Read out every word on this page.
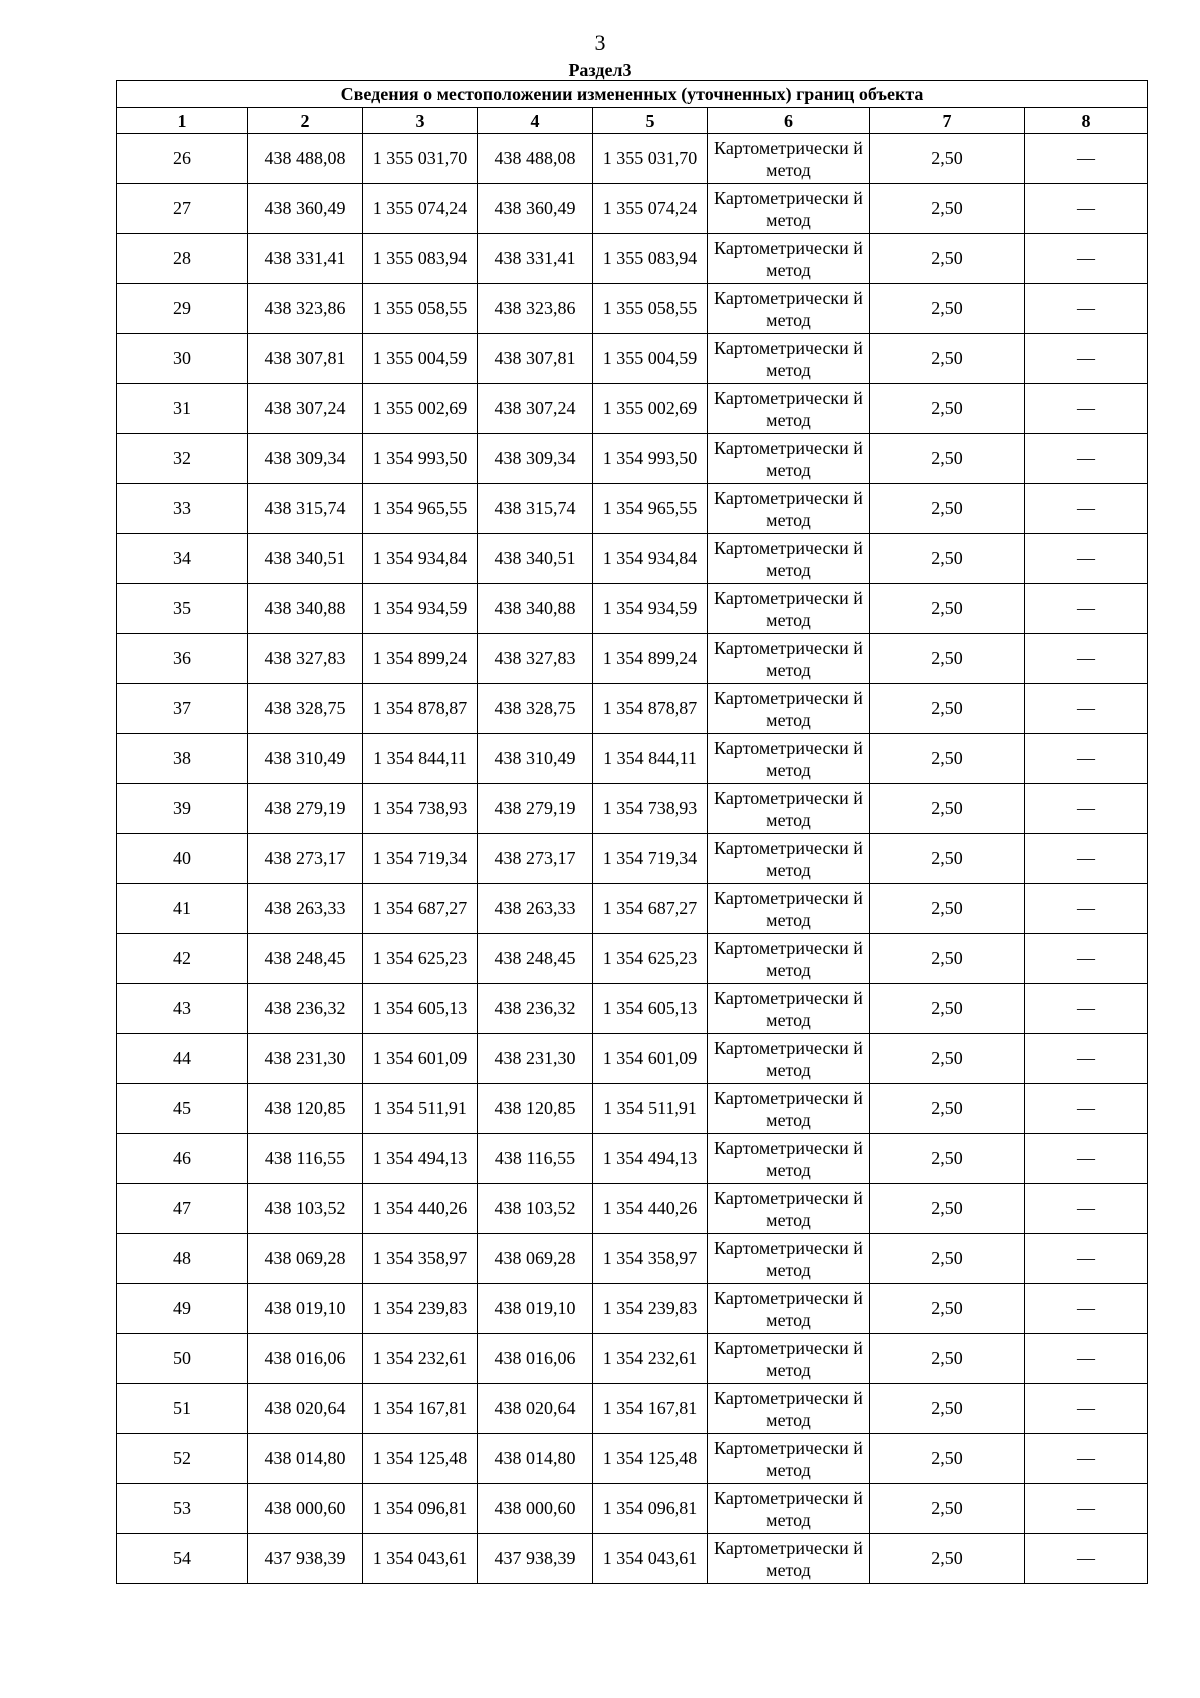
3
Раздел3
Сведения о местоположении измененных (уточненных) границ объекта							
1	2	3	4	5	6	7	8
26	438 488,08	1 355 031,70	438 488,08	1 355 031,70	Картометрически й метод	2,50	—
27	438 360,49	1 355 074,24	438 360,49	1 355 074,24	Картометрически й метод	2,50	—
28	438 331,41	1 355 083,94	438 331,41	1 355 083,94	Картометрически й метод	2,50	—
29	438 323,86	1 355 058,55	438 323,86	1 355 058,55	Картометрически й метод	2,50	—
30	438 307,81	1 355 004,59	438 307,81	1 355 004,59	Картометрически й метод	2,50	—
31	438 307,24	1 355 002,69	438 307,24	1 355 002,69	Картометрически й метод	2,50	—
32	438 309,34	1 354 993,50	438 309,34	1 354 993,50	Картометрически й метод	2,50	—
33	438 315,74	1 354 965,55	438 315,74	1 354 965,55	Картометрически й метод	2,50	—
34	438 340,51	1 354 934,84	438 340,51	1 354 934,84	Картометрически й метод	2,50	—
35	438 340,88	1 354 934,59	438 340,88	1 354 934,59	Картометрически й метод	2,50	—
36	438 327,83	1 354 899,24	438 327,83	1 354 899,24	Картометрически й метод	2,50	—
37	438 328,75	1 354 878,87	438 328,75	1 354 878,87	Картометрически й метод	2,50	—
38	438 310,49	1 354 844,11	438 310,49	1 354 844,11	Картометрически й метод	2,50	—
39	438 279,19	1 354 738,93	438 279,19	1 354 738,93	Картометрически й метод	2,50	—
40	438 273,17	1 354 719,34	438 273,17	1 354 719,34	Картометрически й метод	2,50	—
41	438 263,33	1 354 687,27	438 263,33	1 354 687,27	Картометрически й метод	2,50	—
42	438 248,45	1 354 625,23	438 248,45	1 354 625,23	Картометрически й метод	2,50	—
43	438 236,32	1 354 605,13	438 236,32	1 354 605,13	Картометрически й метод	2,50	—
44	438 231,30	1 354 601,09	438 231,30	1 354 601,09	Картометрически й метод	2,50	—
45	438 120,85	1 354 511,91	438 120,85	1 354 511,91	Картометрически й метод	2,50	—
46	438 116,55	1 354 494,13	438 116,55	1 354 494,13	Картометрически й метод	2,50	—
47	438 103,52	1 354 440,26	438 103,52	1 354 440,26	Картометрически й метод	2,50	—
48	438 069,28	1 354 358,97	438 069,28	1 354 358,97	Картометрически й метод	2,50	—
49	438 019,10	1 354 239,83	438 019,10	1 354 239,83	Картометрически й метод	2,50	—
50	438 016,06	1 354 232,61	438 016,06	1 354 232,61	Картометрически й метод	2,50	—
51	438 020,64	1 354 167,81	438 020,64	1 354 167,81	Картометрически й метод	2,50	—
52	438 014,80	1 354 125,48	438 014,80	1 354 125,48	Картометрически й метод	2,50	—
53	438 000,60	1 354 096,81	438 000,60	1 354 096,81	Картометрически й метод	2,50	—
54	437 938,39	1 354 043,61	437 938,39	1 354 043,61	Картометрически й метод	2,50	—
